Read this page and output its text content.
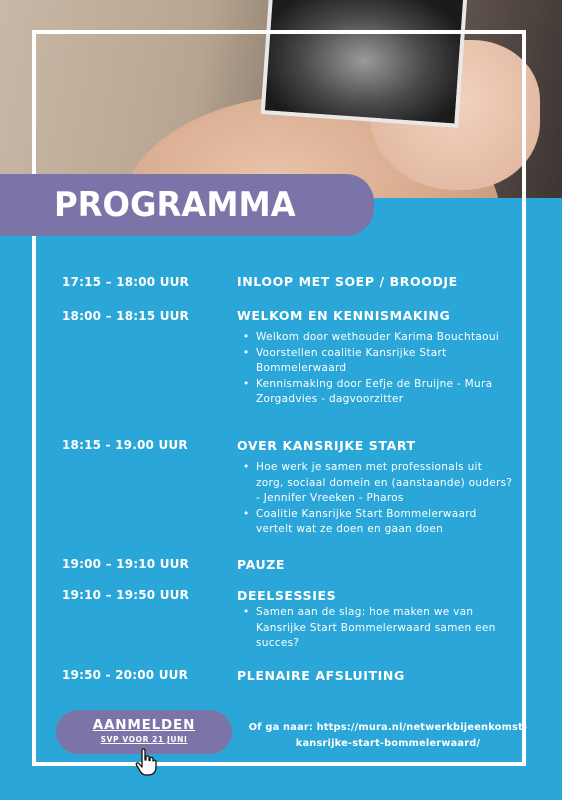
PROGRAMMA
17:15 – 18:00 UUR	INLOOP MET SOEP / BROODJE
18:00 – 18:15 UUR	WELKOM EN KENNISMAKING
• Welkom door wethouder Karima Bouchtaoui
• Voorstellen coalitie Kansrijke Start Bommelerwaard
• Kennismaking door Eefje de Bruijne - Mura Zorgadvies - dagvoorzitter
18:15 - 19.00 UUR	OVER KANSRIJKE START
• Hoe werk je samen met professionals uit zorg, sociaal domein en (aanstaande) ouders? - Jennifer Vreeken - Pharos
• Coalitie Kansrijke Start Bommelerwaard vertelt wat ze doen en gaan doen
19:00 – 19:10 UUR	PAUZE
19:10 – 19:50 UUR	DEELSESSIES
• Samen aan de slag: hoe maken we van Kansrijke Start Bommelerwaard samen een succes?
19:50 - 20:00 UUR	PLENAIRE AFSLUITING
AANMELDEN
SVP VOOR 21 JUNI
Of ga naar: https://mura.nl/netwerkbijeenkomst-
kansrijke-start-bommelerwaard/
